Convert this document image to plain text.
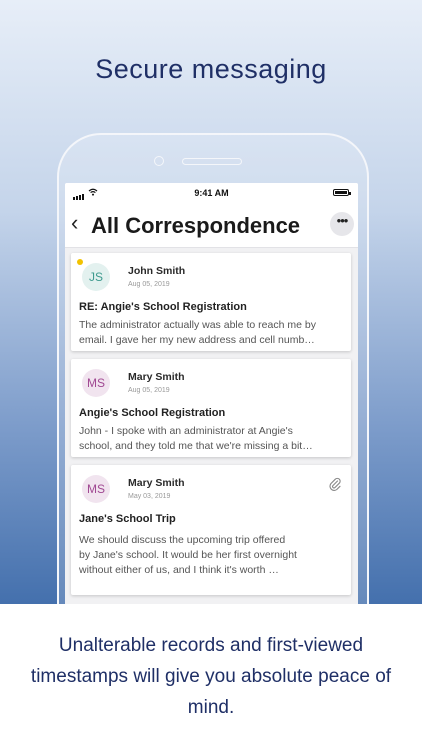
Secure messaging
9:41 AM
‹ All Correspondence	•••
JS	John Smith
Aug 05, 2019
RE: Angie's School Registration
The administrator actually was able to reach me by
email. I gave her my new address and cell numb…
MS	Mary Smith
Aug 05, 2019
Angie's School Registration
John - I spoke with an administrator at Angie's
school, and they told me that we're missing a bit…
MS	Mary Smith
May 03, 2019
Jane's School Trip
We should discuss the upcoming trip offered
by Jane's school. It would be her first overnight
without either of us, and I think it's worth …
Unalterable records and first-viewed timestamps will give you absolute peace of mind.
